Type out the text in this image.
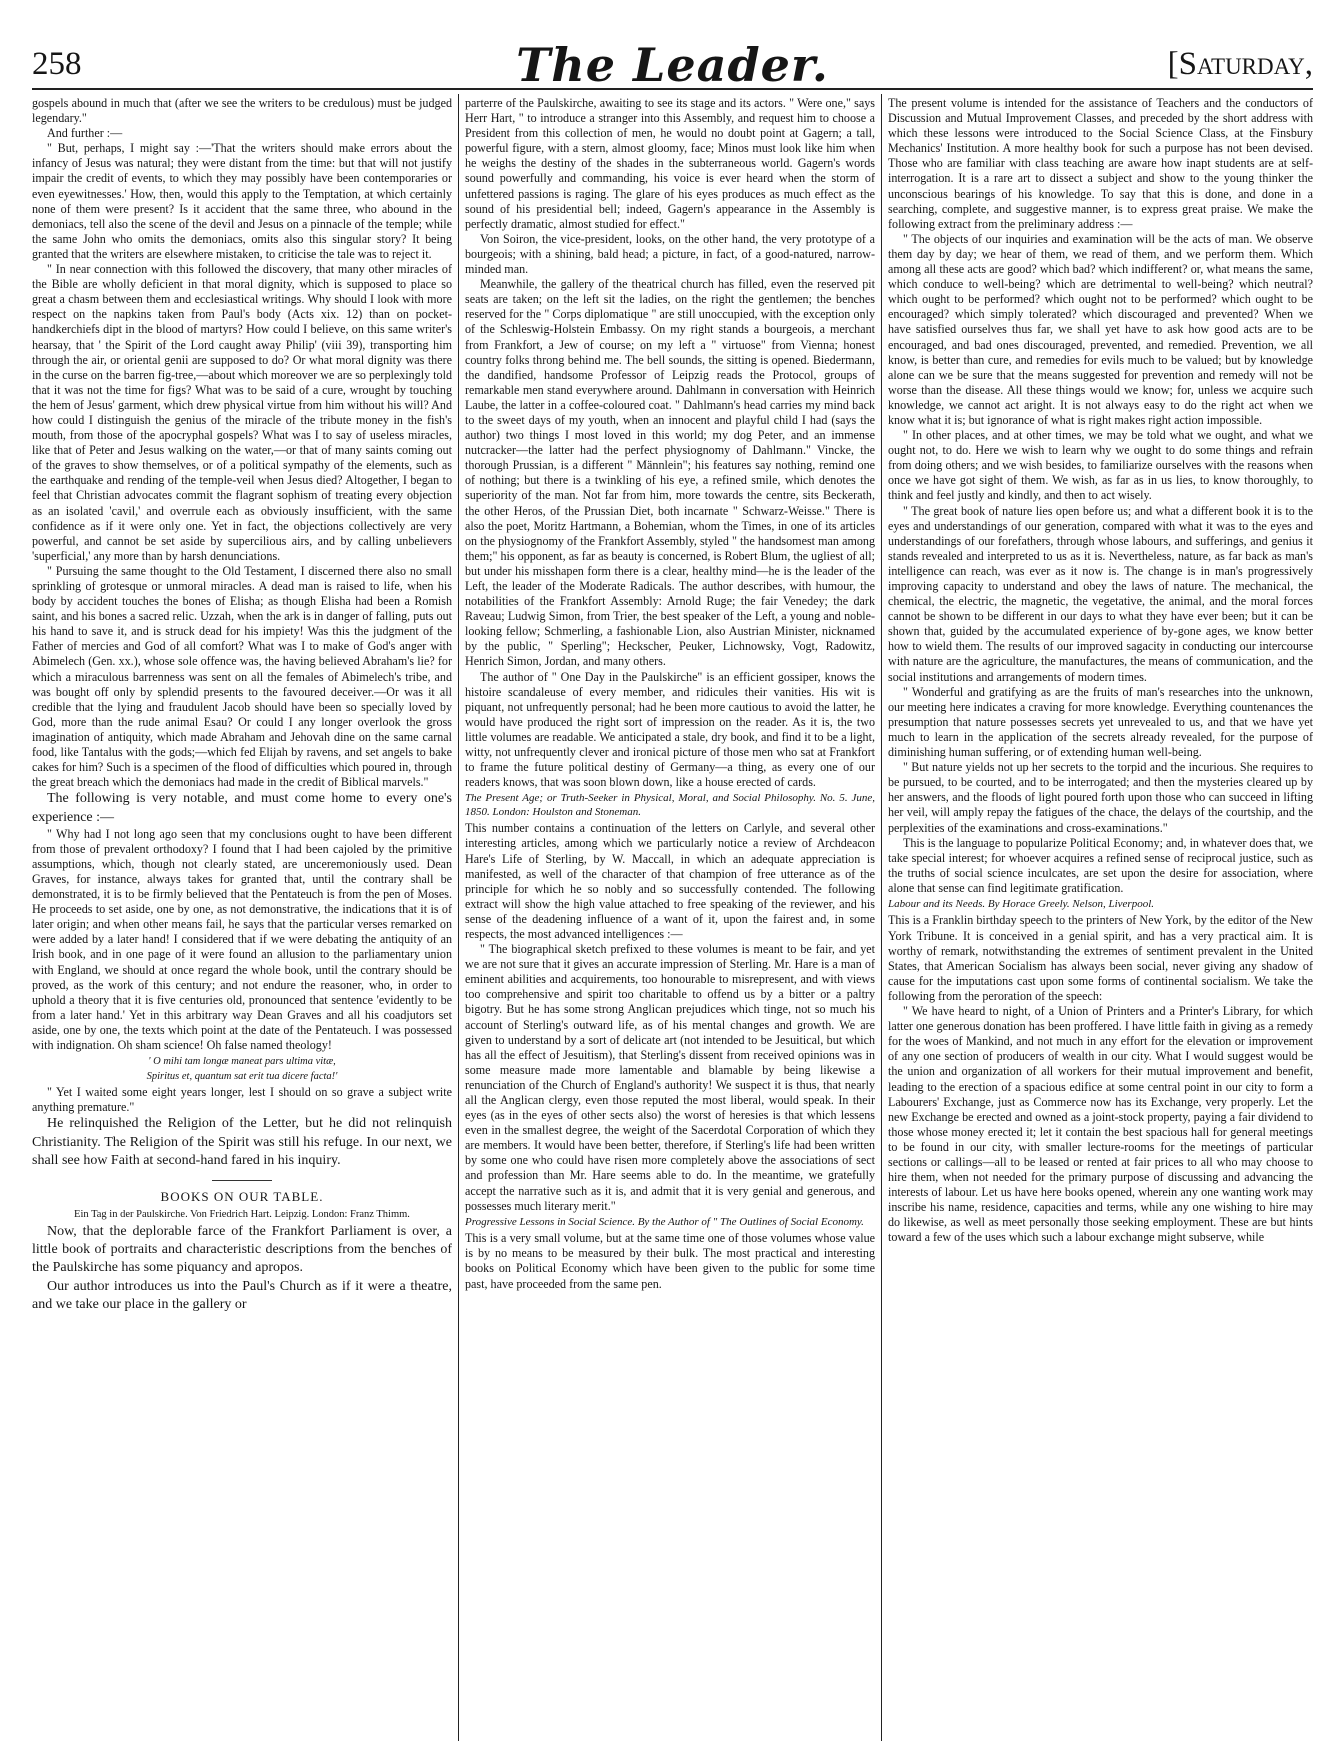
258	The Leader.	[Saturday,

gospels abound in much that (after we see the writers to be credulous) must be judged legendary."

And further :—

" But, perhaps, I might say :—'That the writers should make errors about the infancy of Jesus was natural; they were distant from the time: but that will not justify impair the credit of events, to which they may possibly have been contemporaries or even eyewitnesses.' How, then, would this apply to the Temptation, at which certainly none of them were present? Is it accident that the same three, who abound in the demoniacs, tell also the scene of the devil and Jesus on a pinnacle of the temple; while the same John who omits the demoniacs, omits also this singular story? It being granted that the writers are elsewhere mistaken, to criticise the tale was to reject it.

" In near connection with this followed the discovery, that many other miracles of the Bible are wholly deficient in that moral dignity, which is supposed to place so great a chasm between them and ecclesiastical writings. Why should I look with more respect on the napkins taken from Paul's body (Acts xix. 12) than on pocket-handkerchiefs dipt in the blood of martyrs? How could I believe, on this same writer's hearsay, that ' the Spirit of the Lord caught away Philip' (viii 39), transporting him through the air, or oriental genii are supposed to do? Or what moral dignity was there in the curse on the barren fig-tree,—about which moreover we are so perplexingly told that it was not the time for figs? What was to be said of a cure, wrought by touching the hem of Jesus' garment, which drew physical virtue from him without his will? And how could I distinguish the genius of the miracle of the tribute money in the fish's mouth, from those of the apocryphal gospels? What was I to say of useless miracles, like that of Peter and Jesus walking on the water,—or that of many saints coming out of the graves to show themselves, or of a political sympathy of the elements, such as the earthquake and rending of the temple-veil when Jesus died? Altogether, I began to feel that Christian advocates commit the flagrant sophism of treating every objection as an isolated 'cavil,' and overrule each as obviously insufficient, with the same confidence as if it were only one. Yet in fact, the objections collectively are very powerful, and cannot be set aside by supercilious airs, and by calling unbelievers 'superficial,' any more than by harsh denunciations.

" Pursuing the same thought to the Old Testament, I discerned there also no small sprinkling of grotesque or unmoral miracles. A dead man is raised to life, when his body by accident touches the bones of Elisha; as though Elisha had been a Romish saint, and his bones a sacred relic. Uzzah, when the ark is in danger of falling, puts out his hand to save it, and is struck dead for his impiety! Was this the judgment of the Father of mercies and God of all comfort? What was I to make of God's anger with Abimelech (Gen. xx.), whose sole offence was, the having believed Abraham's lie? for which a miraculous barrenness was sent on all the females of Abimelech's tribe, and was bought off only by splendid presents to the favoured deceiver.—Or was it all credible that the lying and fraudulent Jacob should have been so specially loved by God, more than the rude animal Esau? Or could I any longer overlook the gross imagination of antiquity, which made Abraham and Jehovah dine on the same carnal food, like Tantalus with the gods;—which fed Elijah by ravens, and set angels to bake cakes for him? Such is a specimen of the flood of difficulties which poured in, through the great breach which the demoniacs had made in the credit of Biblical marvels."

The following is very notable, and must come home to every one's experience :—

" Why had I not long ago seen that my conclusions ought to have been different from those of prevalent orthodoxy? I found that I had been cajoled by the primitive assumptions, which, though not clearly stated, are unceremoniously used. Dean Graves, for instance, always takes for granted that, until the contrary shall be demonstrated, it is to be firmly believed that the Pentateuch is from the pen of Moses. He proceeds to set aside, one by one, as not demonstrative, the indications that it is of later origin; and when other means fail, he says that the particular verses remarked on were added by a later hand! I considered that if we were debating the antiquity of an Irish book, and in one page of it were found an allusion to the parliamentary union with England, we should at once regard the whole book, until the contrary should be proved, as the work of this century; and not endure the reasoner, who, in order to uphold a theory that it is five centuries old, pronounced that sentence 'evidently to be from a later hand.' Yet in this arbitrary way Dean Graves and all his coadjutors set aside, one by one, the texts which point at the date of the Pentateuch. I was possessed with indignation. Oh sham science! Oh false named theology!

' O mihi tam longæ maneat pars ultima vitæ,
Spiritus et, quantum sat erit tua dicere facta!'

" Yet I waited some eight years longer, lest I should on so grave a subject write anything premature."

He relinquished the Religion of the Letter, but he did not relinquish Christianity. The Religion of the Spirit was still his refuge. In our next, we shall see how Faith at second-hand fared in his inquiry.

BOOKS ON OUR TABLE.
Ein Tag in der Paulskirche. Von Friedrich Hart. Leipzig. London: Franz Thimm.

Now, that the deplorable farce of the Frankfort Parliament is over, a little book of portraits and characteristic descriptions from the benches of the Paulskirche has some piquancy and apropos.

Our author introduces us into the Paul's Church as if it were a theatre, and we take our place in the gallery or

parterre of the Paulskirche, awaiting to see its stage and its actors. " Were one," says Herr Hart, " to introduce a stranger into this Assembly, and request him to choose a President from this collection of men, he would no doubt point at Gagern; a tall, powerful figure, with a stern, almost gloomy, face; Minos must look like him when he weighs the destiny of the shades in the subterraneous world. Gagern's words sound powerfully and commanding, his voice is ever heard when the storm of unfettered passions is raging. The glare of his eyes produces as much effect as the sound of his presidential bell; indeed, Gagern's appearance in the Assembly is perfectly dramatic, almost studied for effect."

Von Soiron, the vice-president, looks, on the other hand, the very prototype of a bourgeois; with a shining, bald head; a picture, in fact, of a good-natured, narrow-minded man.

Meanwhile, the gallery of the theatrical church has filled, even the reserved pit seats are taken; on the left sit the ladies, on the right the gentlemen; the benches reserved for the " Corps diplomatique " are still unoccupied, with the exception only of the Schleswig-Holstein Embassy. On my right stands a bourgeois, a merchant from Frankfort, a Jew of course; on my left a " virtuose" from Vienna; honest country folks throng behind me. The bell sounds, the sitting is opened. Biedermann, the dandified, handsome Professor of Leipzig reads the Protocol, groups of remarkable men stand everywhere around. Dahlmann in conversation with Heinrich Laube, the latter in a coffee-coloured coat. " Dahlmann's head carries my mind back to the sweet days of my youth, when an innocent and playful child I had (says the author) two things I most loved in this world; my dog Peter, and an immense nutcracker—the latter had the perfect physiognomy of Dahlmann." Vincke, the thorough Prussian, is a different " Männlein"; his features say nothing, remind one of nothing; but there is a twinkling of his eye, a refined smile, which denotes the superiority of the man. Not far from him, more towards the centre, sits Beckerath, the other Heros, of the Prussian Diet, both incarnate " Schwarz-Weisse." There is also the poet, Moritz Hartmann, a Bohemian, whom the Times, in one of its articles on the physiognomy of the Frankfort Assembly, styled " the handsomest man among them;" his opponent, as far as beauty is concerned, is Robert Blum, the ugliest of all; but under his misshapen form there is a clear, healthy mind—he is the leader of the Left, the leader of the Moderate Radicals. The author describes, with humour, the notabilities of the Frankfort Assembly: Arnold Ruge; the fair Venedey; the dark Raveau; Ludwig Simon, from Trier, the best speaker of the Left, a young and noble-looking fellow; Schmerling, a fashionable Lion, also Austrian Minister, nicknamed by the public, " Sperling"; Heckscher, Peuker, Lichnowsky, Vogt, Radowitz, Henrich Simon, Jordan, and many others.

The author of " One Day in the Paulskirche" is an efficient gossiper, knows the histoire scandaleuse of every member, and ridicules their vanities. His wit is piquant, not unfrequently personal; had he been more cautious to avoid the latter, he would have produced the right sort of impression on the reader. As it is, the two little volumes are readable. We anticipated a stale, dry book, and find it to be a light, witty, not unfrequently clever and ironical picture of those men who sat at Frankfort to frame the future political destiny of Germany—a thing, as every one of our readers knows, that was soon blown down, like a house erected of cards.

The Present Age; or Truth-Seeker in Physical, Moral, and Social Philosophy. No. 5. June, 1850. London: Houlston and Stoneman.

This number contains a continuation of the letters on Carlyle, and several other interesting articles, among which we particularly notice a review of Archdeacon Hare's Life of Sterling, by W. Maccall, in which an adequate appreciation is manifested, as well of the character of that champion of free utterance as of the principle for which he so nobly and so successfully contended. The following extract will show the high value attached to free speaking of the reviewer, and his sense of the deadening influence of a want of it, upon the fairest and, in some respects, the most advanced intelligences :—

" The biographical sketch prefixed to these volumes is meant to be fair, and yet we are not sure that it gives an accurate impression of Sterling. Mr. Hare is a man of eminent abilities and acquirements, too honourable to misrepresent, and with views too comprehensive and spirit too charitable to offend us by a bitter or a paltry bigotry. But he has some strong Anglican prejudices which tinge, not so much his account of Sterling's outward life, as of his mental changes and growth. We are given to understand by a sort of delicate art (not intended to be Jesuitical, but which has all the effect of Jesuitism), that Sterling's dissent from received opinions was in some measure made more lamentable and blamable by being likewise a renunciation of the Church of England's authority! We suspect it is thus, that nearly all the Anglican clergy, even those reputed the most liberal, would speak. In their eyes (as in the eyes of other sects also) the worst of heresies is that which lessens even in the smallest degree, the weight of the Sacerdotal Corporation of which they are members. It would have been better, therefore, if Sterling's life had been written by some one who could have risen more completely above the associations of sect and profession than Mr. Hare seems able to do. In the meantime, we gratefully accept the narrative such as it is, and admit that it is very genial and generous, and possesses much literary merit."

Progressive Lessons in Social Science. By the Author of " The Outlines of Social Economy.

This is a very small volume, but at the same time one of those volumes whose value is by no means to be measured by their bulk. The most practical and interesting books on Political Economy which have been given to the public for some time past, have proceeded from the same pen.

The present volume is intended for the assistance of Teachers and the conductors of Discussion and Mutual Improvement Classes, and preceded by the short address with which these lessons were introduced to the Social Science Class, at the Finsbury Mechanics' Institution. A more healthy book for such a purpose has not been devised. Those who are familiar with class teaching are aware how inapt students are at self-interrogation. It is a rare art to dissect a subject and show to the young thinker the unconscious bearings of his knowledge. To say that this is done, and done in a searching, complete, and suggestive manner, is to express great praise. We make the following extract from the preliminary address :—

" The objects of our inquiries and examination will be the acts of man. We observe them day by day; we hear of them, we read of them, and we perform them. Which among all these acts are good? which bad? which indifferent? or, what means the same, which conduce to well-being? which are detrimental to well-being? which neutral? which ought to be performed? which ought not to be performed? which ought to be encouraged? which simply tolerated? which discouraged and prevented? When we have satisfied ourselves thus far, we shall yet have to ask how good acts are to be encouraged, and bad ones discouraged, prevented, and remedied. Prevention, we all know, is better than cure, and remedies for evils much to be valued; but by knowledge alone can we be sure that the means suggested for prevention and remedy will not be worse than the disease. All these things would we know; for, unless we acquire such knowledge, we cannot act aright. It is not always easy to do the right act when we know what it is; but ignorance of what is right makes right action impossible.

" In other places, and at other times, we may be told what we ought, and what we ought not, to do. Here we wish to learn why we ought to do some things and refrain from doing others; and we wish besides, to familiarize ourselves with the reasons when once we have got sight of them. We wish, as far as in us lies, to know thoroughly, to think and feel justly and kindly, and then to act wisely.

" The great book of nature lies open before us; and what a different book it is to the eyes and understandings of our generation, compared with what it was to the eyes and understandings of our forefathers, through whose labours, and sufferings, and genius it stands revealed and interpreted to us as it is. Nevertheless, nature, as far back as man's intelligence can reach, was ever as it now is. The change is in man's progressively improving capacity to understand and obey the laws of nature. The mechanical, the chemical, the electric, the magnetic, the vegetative, the animal, and the moral forces cannot be shown to be different in our days to what they have ever been; but it can be shown that, guided by the accumulated experience of by-gone ages, we know better how to wield them. The results of our improved sagacity in conducting our intercourse with nature are the agriculture, the manufactures, the means of communication, and the social institutions and arrangements of modern times.

" Wonderful and gratifying as are the fruits of man's researches into the unknown, our meeting here indicates a craving for more knowledge. Everything countenances the presumption that nature possesses secrets yet unrevealed to us, and that we have yet much to learn in the application of the secrets already revealed, for the purpose of diminishing human suffering, or of extending human well-being.

" But nature yields not up her secrets to the torpid and the incurious. She requires to be pursued, to be courted, and to be interrogated; and then the mysteries cleared up by her answers, and the floods of light poured forth upon those who can succeed in lifting her veil, will amply repay the fatigues of the chace, the delays of the courtship, and the perplexities of the examinations and cross-examinations."

This is the language to popularize Political Economy; and, in whatever does that, we take special interest; for whoever acquires a refined sense of reciprocal justice, such as the truths of social science inculcates, are set upon the desire for association, where alone that sense can find legitimate gratification.

Labour and its Needs. By Horace Greely. Nelson, Liverpool.

This is a Franklin birthday speech to the printers of New York, by the editor of the New York Tribune. It is conceived in a genial spirit, and has a very practical aim. It is worthy of remark, notwithstanding the extremes of sentiment prevalent in the United States, that American Socialism has always been social, never giving any shadow of cause for the imputations cast upon some forms of continental socialism. We take the following from the peroration of the speech:

" We have heard to night, of a Union of Printers and a Printer's Library, for which latter one generous donation has been proffered. I have little faith in giving as a remedy for the woes of Mankind, and not much in any effort for the elevation or improvement of any one section of producers of wealth in our city. What I would suggest would be the union and organization of all workers for their mutual improvement and benefit, leading to the erection of a spacious edifice at some central point in our city to form a Labourers' Exchange, just as Commerce now has its Exchange, very properly. Let the new Exchange be erected and owned as a joint-stock property, paying a fair dividend to those whose money erected it; let it contain the best spacious hall for general meetings to be found in our city, with smaller lecture-rooms for the meetings of particular sections or callings—all to be leased or rented at fair prices to all who may choose to hire them, when not needed for the primary purpose of discussing and advancing the interests of labour. Let us have here books opened, wherein any one wanting work may inscribe his name, residence, capacities and terms, while any one wishing to hire may do likewise, as well as meet personally those seeking employment. These are but hints toward a few of the uses which such a labour exchange might subserve, while
